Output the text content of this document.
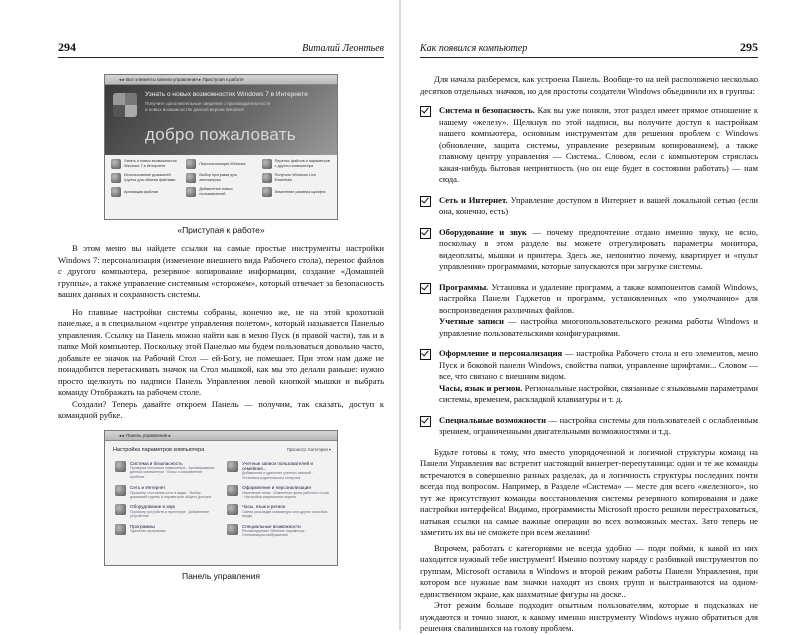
294	Виталий Леонтьев
◂ ▸ Все элементы панели управления ▸ Приступая к работе
Узнать о новых возможностях Windows 7 в Интернете
Получите дополнительные сведения о производительности
и новых возможностях данной версии Windows
добро пожаловать
Узнать о новых возможностях Windows 7 в Интернете
Персонализация Windows
Перенос файлов и параметров с другого компьютера
Использование домашней группы для обмена файлами
Выбор программ для автозапуска
Получить Windows Live Essentials
Архивация файлов
Добавление новых пользователей
Изменение размера шрифта
«Приступая к работе»

В этом меню вы найдете ссылки на самые простые инструменты настройки Windows 7: персонализация (изменение внешнего вида Рабочего стола), перенос файлов с другого компьютера, резервное копирование информации, создание «Домашней группы», а также управление системным «сторожем», который отвечает за безопасность ваших данных и сохранность системы.

Но главные настройки системы собраны, конечно же, не на этой крохотной панельке, а в специальном «центре управления полетом», который называется Панелью управления. Ссылку на Панель можно найти как в меню Пуск (в правой части), так и в папке Мой компьютер. Поскольку этой Панелью мы будем пользоваться довольно часто, добавьте ее значок на Рабочий Стол — ей-Богу, не помешает. При этом нам даже не понадобится перетаскивать значок на Стол мышкой, как мы это делали раньше: нужно просто щелкнуть по надписи Панель Управления левой кнопкой мышки и выбрать команду Отображать на рабочем столе.

Создали? Теперь давайте откроем Панель — получим, так сказать, доступ к командной рубке.

◂ ▸ Панель управления ▸
Настройка параметров компьютера	Просмотр: Категория ▾
Система и безопасность
Проверка состояния компьютера · Архивирование данных компьютера · Поиск и исправление проблем
Учетные записи пользователей и семейная...
Добавление и удаление учетных записей · Установка родительского контроля
Сеть и Интернет
Просмотр состояния сети и задач · Выбор домашней группы и параметров общего доступа
Оформление и персонализация
Изменение темы · Изменение фона рабочего стола · Настройка разрешения экрана
Оборудование и звук
Просмотр устройств и принтеров · Добавление устройства
Часы, язык и регион
Смена раскладки клавиатуры или других способов ввода
Программы
Удаление программы
Специальные возможности
Рекомендуемые Windows параметры · Оптимизация изображения
Панель управления
Как появился компьютер	295

Для начала разберемся, как устроена Панель. Вообще-то на ней расположено несколько десятков отдельных значков, но для простоты создатели Windows объединили их в группы:

Система и безопасность. Как вы уже поняли, этот раздел имеет прямое отношение к нашему «железу». Щелкнув по этой надписи, вы получите доступ к настройкам нашего компьютера, основным инструментам для решения проблем с Windows (обновление, защита системы, управление резервным копированием), а также главному центру управления — Система.. Словом, если с компьютером стряслась какая-нибудь бытовая неприятность (но он еще будет в состоянии работать) — нам сюда.

Сеть и Интернет. Управление доступом в Интернет и вашей локальной сетью (если она, конечно, есть)

Оборудование и звук — почему предпочтение отдано именно звуку, не ясно, поскольку в этом разделе вы можете отрегулировать параметры монитора, видеоплаты, мышки и принтера. Здесь же, непонятно почему, квартирует и «пульт управления» программами, которые запускаются при загрузке системы.

Программы. Установка и удаление программ, а также компонентов самой Windows, настройка Панели Гаджетов и программ, установленных «по умолчанию» для воспроизведения различных файлов.
Учетные записи — настройка многопользовательского режима работы Windows и управление пользовательскими конфигурациями.

Оформление и персонализация — настройка Рабочего стола и его элементов, меню Пуск и боковой панели Windows, свойства папки, управление шрифтами... Словом — все, что связано с внешним видом.
Часы, язык и регион. Региональные настройки, связанные с языковыми параметрами системы, временем, раскладкой клавиатуры и т. д.

Специальные возможности — настройка системы для пользователей с ослабленным зрением, ограниченными двигательными возможностями и т.д.

Будьте готовы к тому, что вместо упорядоченной и логичной структуры команд на Панели Управления вас встретит настоящий винегрет-перепутаница: одни и те же команды встречаются в совершенно разных разделах, да и логичность структуры последних почти всегда под вопросом. Например, в Разделе «Система» — месте для всего «железного», но тут же присутствуют команды восстановления системы резервного копирования и даже настройки интерфейса! Видимо, программисты Microsoft просто решили перестраховаться, натыкая ссылки на самые важные операции во всех возможных местах. Зато теперь не заметить их вы не сможете при всем желании!

Впрочем, работать с категориями не всегда удобно — поди пойми, к какой из них находится нужный тебе инструмент! Именно поэтому наряду с разбивкой инструментов по группам, Microsoft оставила в Windows и второй режим работы Панели Управления, при котором все нужные вам значки находят из своих групп и выстраиваются на одном-единственном экране, как шахматные фигуры на доске..

Этот режим больше подходит опытным пользователям, которые в подсказках не нуждаются и точно знают, к какому именно инструменту Windows нужно обратиться для решения свалившихся на голову проблем.
